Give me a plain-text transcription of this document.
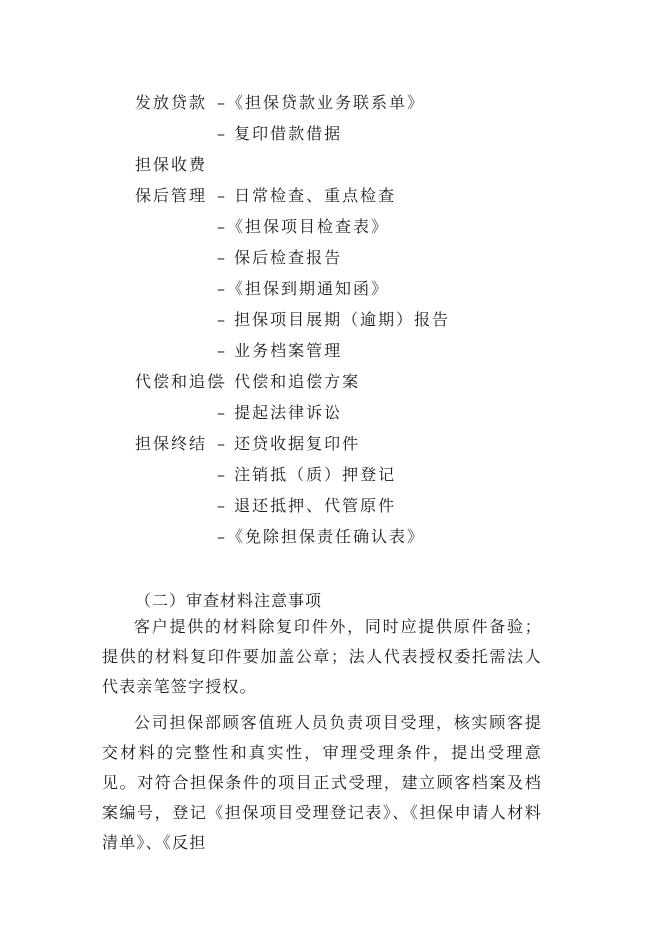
发放贷款 –《担保贷款业务联系单》
– 复印借款借据
担保收费
保后管理 – 日常检查、重点检查
–《担保项目检查表》
– 保后检查报告
–《担保到期通知函》
– 担保项目展期（逾期）报告
– 业务档案管理
代偿和追偿
– 代偿和追偿方案
– 提起法律诉讼
担保终结 – 还贷收据复印件
– 注销抵（质）押登记
– 退还抵押、代管原件
–《免除担保责任确认表》
（二）审查材料注意事项

客户提供的材料除复印件外，同时应提供原件备验；提供的材料复印件要加盖公章；法人代表授权委托需法人代表亲笔签字授权。

公司担保部顾客值班人员负责项目受理，核实顾客提交材料的完整性和真实性，审理受理条件，提出受理意见。对符合担保条件的项目正式受理，建立顾客档案及档案编号，登记《担保项目受理登记表》、《担保申请人材料清单》、《反担
